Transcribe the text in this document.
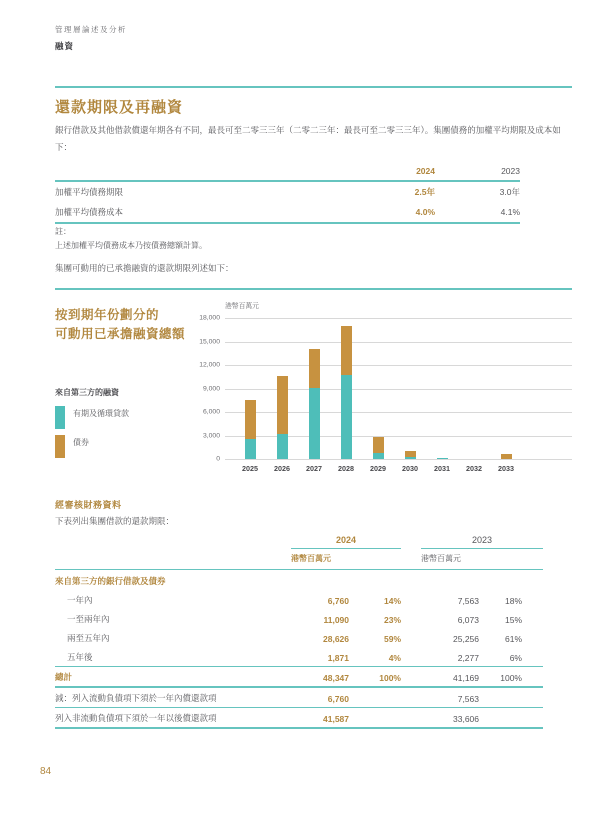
管理層論述及分析
融資
還款期限及再融資
銀行借款及其他借款償還年期各有不同，最長可至二零三三年（二零二三年：最長可至二零三三年）。集團債務的加權平均期限及成本如下：
	2024	2023
加權平均債務期限	2.5年	3.0年
加權平均債務成本	4.0%	4.1%
註：
上述加權平均債務成本乃按債務總額計算。
集團可動用的已承擔融資的還款期限列述如下：
按到期年份劃分的
可動用已承擔融資總額
來自第三方的融資
有期及循環貸款
債券
港幣百萬元
0
3,000
6,000
9,000
12,000
15,000
18,000
2025 2026 2027 2028 2029 2030 2031 2032 2033
經審核財務資料
下表列出集團借款的還款期限：
	2024			2023		
	港幣百萬元			港幣百萬元		
來自第三方的銀行借款及債券						
一年內	6,760	14%		7,563	18%	
一至兩年內	11,090	23%		6,073	15%	
兩至五年內	28,626	59%		25,256	61%	
五年後	1,871	4%		2,277	6%	
總計	48,347	100%		41,169	100%	
減：列入流動負債項下須於一年內償還款項	6,760			7,563		
列入非流動負債項下須於一年以後償還款項	41,587			33,606		
84
